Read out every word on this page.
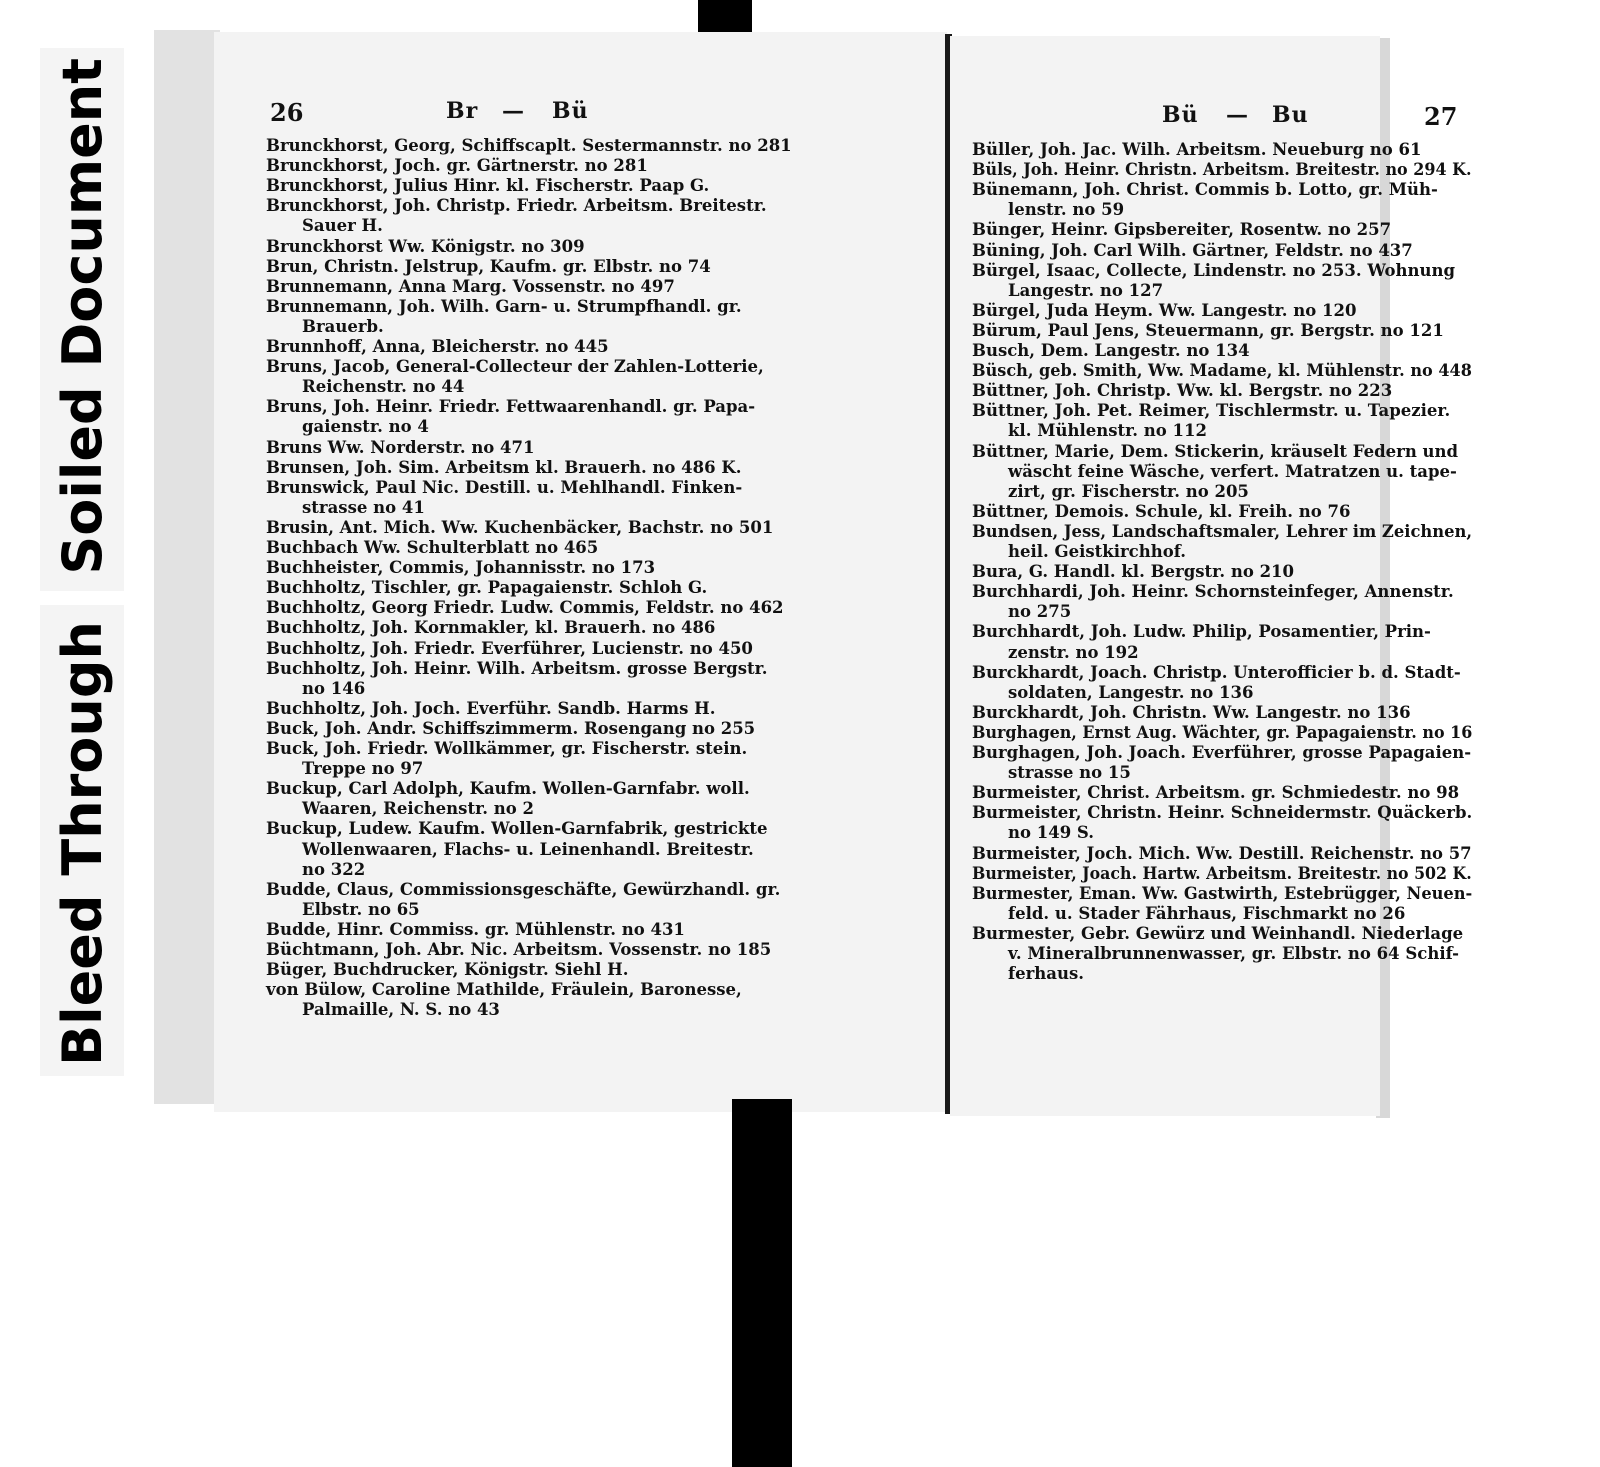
Bleed Through
Soiled Document	26	Br — Bü
Brunckhorst, Georg, Schiffscaplt. Sestermannstr. no 281
Brunckhorst, Joch. gr. Gärtnerstr. no 281
Brunckhorst, Julius Hinr. kl. Fischerstr. Paap G.
Brunckhorst, Joh. Christp. Friedr. Arbeitsm. Breitestr.
Sauer H.
Brunckhorst Ww. Königstr. no 309
Brun, Christn. Jelstrup, Kaufm. gr. Elbstr. no 74
Brunnemann, Anna Marg. Vossenstr. no 497
Brunnemann, Joh. Wilh. Garn- u. Strumpfhandl. gr.
Brauerb.
Brunnhoff, Anna, Bleicherstr. no 445
Bruns, Jacob, General-Collecteur der Zahlen-Lotterie,
Reichenstr. no 44
Bruns, Joh. Heinr. Friedr. Fettwaarenhandl. gr. Papa-
gaienstr. no 4
Bruns Ww. Norderstr. no 471
Brunsen, Joh. Sim. Arbeitsm kl. Brauerh. no 486 K.
Brunswick, Paul Nic. Destill. u. Mehlhandl. Finken-
strasse no 41
Brusin, Ant. Mich. Ww. Kuchenbäcker, Bachstr. no 501
Buchbach Ww. Schulterblatt no 465
Buchheister, Commis, Johannisstr. no 173
Buchholtz, Tischler, gr. Papagaienstr. Schloh G.
Buchholtz, Georg Friedr. Ludw. Commis, Feldstr. no 462
Buchholtz, Joh. Kornmakler, kl. Brauerh. no 486
Buchholtz, Joh. Friedr. Everführer, Lucienstr. no 450
Buchholtz, Joh. Heinr. Wilh. Arbeitsm. grosse Bergstr.
no 146
Buchholtz, Joh. Joch. Everführ. Sandb. Harms H.
Buck, Joh. Andr. Schiffszimmerm. Rosengang no 255
Buck, Joh. Friedr. Wollkämmer, gr. Fischerstr. stein.
Treppe no 97
Buckup, Carl Adolph, Kaufm. Wollen-Garnfabr. woll.
Waaren, Reichenstr. no 2
Buckup, Ludew. Kaufm. Wollen-Garnfabrik, gestrickte
Wollenwaaren, Flachs- u. Leinenhandl. Breitestr.
no 322
Budde, Claus, Commissionsgeschäfte, Gewürzhandl. gr.
Elbstr. no 65
Budde, Hinr. Commiss. gr. Mühlenstr. no 431
Büchtmann, Joh. Abr. Nic. Arbeitsm. Vossenstr. no 185
Büger, Buchdrucker, Königstr. Siehl H.
von Bülow, Caroline Mathilde, Fräulein, Baronesse,
Palmaille, N. S. no 43
Bü — Bu	27
Büller, Joh. Jac. Wilh. Arbeitsm. Neueburg no 61
Büls, Joh. Heinr. Christn. Arbeitsm. Breitestr. no 294 K.
Bünemann, Joh. Christ. Commis b. Lotto, gr. Müh-
lenstr. no 59
Bünger, Heinr. Gipsbereiter, Rosentw. no 257
Büning, Joh. Carl Wilh. Gärtner, Feldstr. no 437
Bürgel, Isaac, Collecte, Lindenstr. no 253. Wohnung
Langestr. no 127
Bürgel, Juda Heym. Ww. Langestr. no 120
Bürum, Paul Jens, Steuermann, gr. Bergstr. no 121
Busch, Dem. Langestr. no 134
Büsch, geb. Smith, Ww. Madame, kl. Mühlenstr. no 448
Büttner, Joh. Christp. Ww. kl. Bergstr. no 223
Büttner, Joh. Pet. Reimer, Tischlermstr. u. Tapezier.
kl. Mühlenstr. no 112
Büttner, Marie, Dem. Stickerin, kräuselt Federn und
wäscht feine Wäsche, verfert. Matratzen u. tape-
zirt, gr. Fischerstr. no 205
Büttner, Demois. Schule, kl. Freih. no 76
Bundsen, Jess, Landschaftsmaler, Lehrer im Zeichnen,
heil. Geistkirchhof.
Bura, G. Handl. kl. Bergstr. no 210
Burchhardi, Joh. Heinr. Schornsteinfeger, Annenstr.
no 275
Burchhardt, Joh. Ludw. Philip, Posamentier, Prin-
zenstr. no 192
Burckhardt, Joach. Christp. Unterofficier b. d. Stadt-
soldaten, Langestr. no 136
Burckhardt, Joh. Christn. Ww. Langestr. no 136
Burghagen, Ernst Aug. Wächter, gr. Papagaienstr. no 16
Burghagen, Joh. Joach. Everführer, grosse Papagaien-
strasse no 15
Burmeister, Christ. Arbeitsm. gr. Schmiedestr. no 98
Burmeister, Christn. Heinr. Schneidermstr. Quäckerb.
no 149 S.
Burmeister, Joch. Mich. Ww. Destill. Reichenstr. no 57
Burmeister, Joach. Hartw. Arbeitsm. Breitestr. no 502 K.
Burmester, Eman. Ww. Gastwirth, Estebrügger, Neuen-
feld. u. Stader Fährhaus, Fischmarkt no 26
Burmester, Gebr. Gewürz und Weinhandl. Niederlage
v. Mineralbrunnenwasser, gr. Elbstr. no 64 Schif-
ferhaus.
